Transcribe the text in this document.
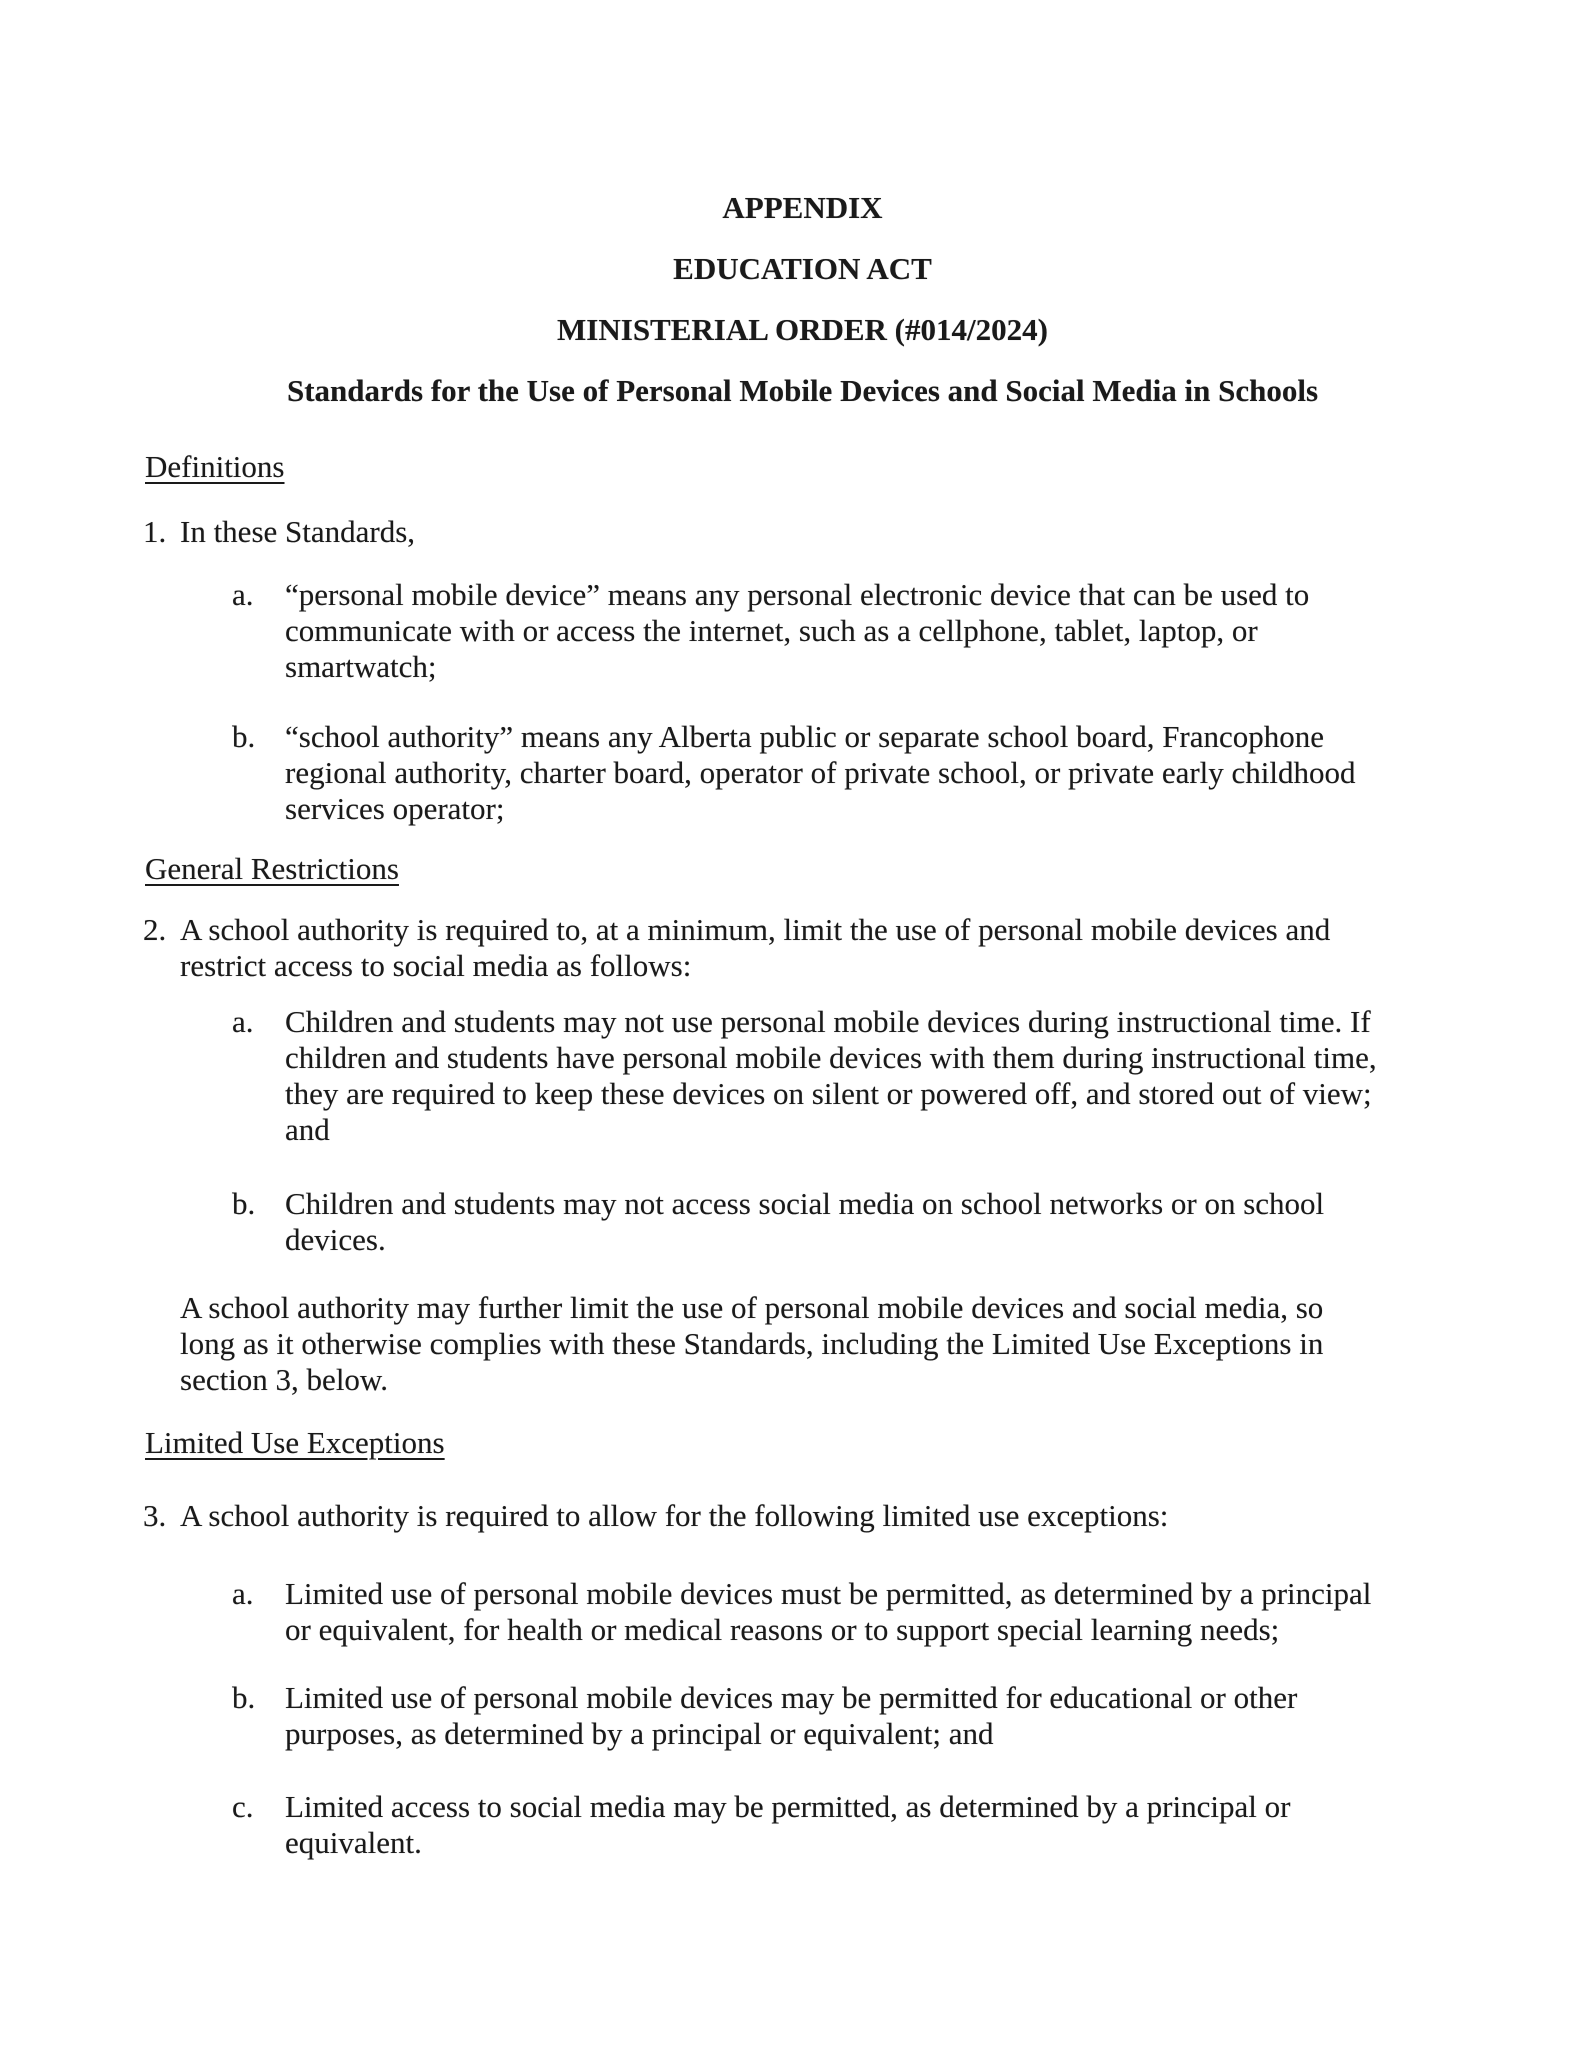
APPENDIX
EDUCATION ACT
MINISTERIAL ORDER (#014/2024)
Standards for the Use of Personal Mobile Devices and Social Media in Schools
Definitions
1. In these Standards,

a.	“personal mobile device” means any personal electronic device that can be used to communicate with or access the internet, such as a cellphone, tablet, laptop, or smartwatch;

b. “school authority” means any Alberta public or separate school board, Francophone regional authority, charter board, operator of private school, or private early childhood services operator;

General Restrictions
2. A school authority is required to, at a minimum, limit the use of personal mobile devices and restrict access to social media as follows:

a.	Children and students may not use personal mobile devices during instructional time. If children and students have personal mobile devices with them during instructional time, they are required to keep these devices on silent or powered off, and stored out of view; and

b. Children and students may not access social media on school networks or on school devices.

A school authority may further limit the use of personal mobile devices and social media, so long as it otherwise complies with these Standards, including the Limited Use Exceptions in section 3, below.

Limited Use Exceptions
3. A school authority is required to allow for the following limited use exceptions:

a.	Limited use of personal mobile devices must be permitted, as determined by a principal or equivalent, for health or medical reasons or to support special learning needs;

b. Limited use of personal mobile devices may be permitted for educational or other purposes, as determined by a principal or equivalent; and

c.	Limited access to social media may be permitted, as determined by a principal or equivalent.
